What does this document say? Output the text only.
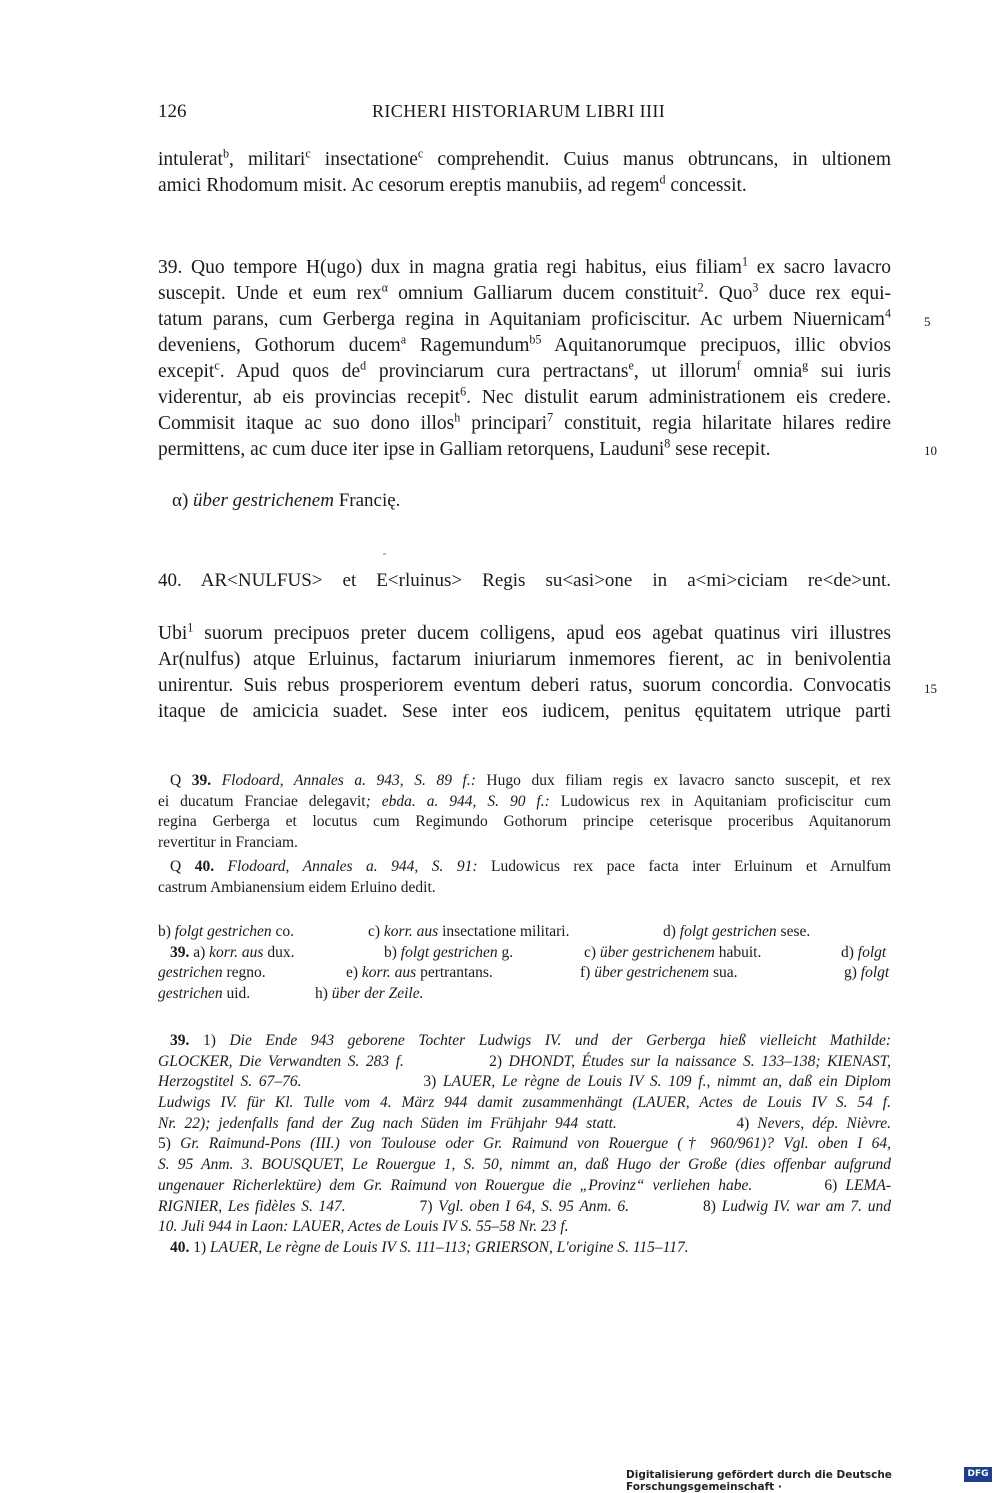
126	RICHERI HISTORIARUM LIBRI IIII
intulerat$^b$, militari$^c$ insectatione$^c$ comprehendit. Cuius manus obtruncans, in ultionem
amici Rhodomum misit. Ac cesorum ereptis manubiis, ad regem$^d$ concessit.
39. Quo tempore H(ugo) dux in magna gratia regi habitus, eius filiam$^1$ ex sacro lavacro
suscepit. Unde et eum rex$^\alpha$ omnium Galliarum ducem constituit$^2$. Quo$^3$ duce rex equi-
tatum parans, cum Gerberga regina in Aquitaniam proficiscitur. Ac urbem Niuernicam$^4$
deveniens, Gothorum ducem$^a$ Ragemundum$^{b5}$ Aquitanorumque precipuos, illic obvios
excepit$^c$. Apud quos $de^d$ provinciarum cura pertractans$^e$, ut illorum$^f$ omnia$^g$ sui iuris
viderentur, ab eis provincias recepit$^6$. Nec distulit earum administrationem eis credere.
Commisit itaque ac suo dono illos$^h$ principari$^7$ constituit, regia hilaritate hilares redire
permittens, ac cum duce iter ipse in Galliam retorquens, Lauduni$^8$ sese recepit.
5
10
α) über gestrichenem Francię.
40. AR<NULFUS> et E<rluinus> Regis su<asi>one in a<mi>ciciam re<de>unt.
Ubi$^1$ suorum precipuos preter ducem colligens, apud eos agebat quatinus viri illustres
Ar(nulfus) atque Erluinus, factarum iniuriarum inmemores fierent, ac in benivolentia
unirentur. Suis rebus prosperiorem eventum deberi ratus, suorum concordia. Convocatis
itaque de amicicia suadet. Sese inter eos iudicem, penitus ęquitatem utrique parti
15
Q 39. Flodoard, Annales a. 943, S. 89 f.: Hugo dux filiam regis ex lavacro sancto suscepit, et rex
ei ducatum Franciae delegavit; ebda. a. 944, S. 90 f.: Ludowicus rex in Aquitaniam proficiscitur cum
regina Gerberga et locutus cum Regimundo Gothorum principe ceterisque proceribus Aquitanorum
revertitur in Franciam.
Q 40. Flodoard, Annales a. 944, S. 91: Ludowicus rex pace facta inter Erluinum et Arnulfum
castrum Ambianensium eidem Erluino dedit.
b) folgt gestrichen co.	c) korr. aus insectatione militari.	d) folgt gestrichen sese.
39. a) korr. aus dux.	b) folgt gestrichen g.	c) über gestrichenem habuit.	d) folgt
gestrichen regno.	e) korr. aus pertrantans.	f) über gestrichenem sua.	g) folgt
gestrichen uid.	h) über der Zeile.
39. 1) Die Ende 943 geborene Tochter Ludwigs IV. und der Gerberga hieß vielleicht Mathilde:
GLOCKER, Die Verwandten S. 283 f.             2) DHONDT, Études sur la naissance S. 133–138; KIENAST,
Herzogstitel S. 67–76.                  3) LAUER, Le règne de Louis IV S. 109 f., nimmt an, daß ein Diplom
Ludwigs IV. für Kl. Tulle vom 4. März 944 damit zusammenhängt (LAUER, Actes de Louis IV S. 54 f.
Nr. 22); jedenfalls fand der Zug nach Süden im Frühjahr 944 statt.               4) Nevers, dép. Nièvre.
5) Gr. Raimund-Pons (III.) von Toulouse oder Gr. Raimund von Rouergue († 960/961)? Vgl. oben I 64,
S. 95 Anm. 3. BOUSQUET, Le Rouergue 1, S. 50, nimmt an, daß Hugo der Große (dies offenbar aufgrund
ungenauer Richerlektüre) dem Gr. Raimund von Rouergue die „Provinz“ verliehen habe.         6) LEMA-
RIGNIER, Les fidèles S. 147.             7) Vgl. oben I 64, S. 95 Anm. 6.             8) Ludwig IV. war am 7. und
10. Juli 944 in Laon: LAUER, Actes de Louis IV S. 55–58 Nr. 23 f.
40. 1) LAUER, Le règne de Louis IV S. 111–113; GRIERSON, L'origine S. 115–117.
Digitalisierung gefördert durch die Deutsche Forschungsgemeinschaft ·
DFG
